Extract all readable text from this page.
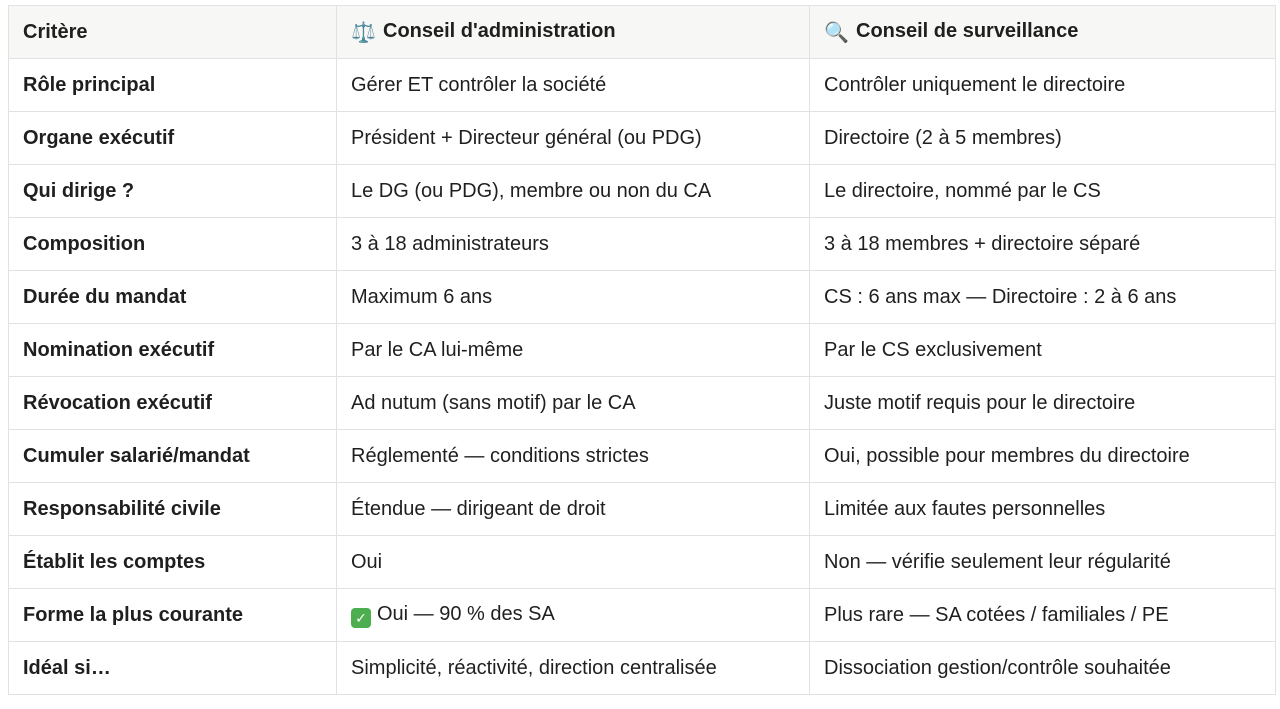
Critère	⚖️ Conseil d'administration	🔍 Conseil de surveillance
Rôle principal	Gérer ET contrôler la société	Contrôler uniquement le directoire
Organe exécutif	Président + Directeur général (ou PDG)	Directoire (2 à 5 membres)
Qui dirige ?	Le DG (ou PDG), membre ou non du CA	Le directoire, nommé par le CS
Composition	3 à 18 administrateurs	3 à 18 membres + directoire séparé
Durée du mandat	Maximum 6 ans	CS : 6 ans max — Directoire : 2 à 6 ans
Nomination exécutif	Par le CA lui-même	Par le CS exclusivement
Révocation exécutif	Ad nutum (sans motif) par le CA	Juste motif requis pour le directoire
Cumuler salarié/mandat	Réglementé — conditions strictes	Oui, possible pour membres du directoire
Responsabilité civile	Étendue — dirigeant de droit	Limitée aux fautes personnelles
Établit les comptes	Oui	Non — vérifie seulement leur régularité
Forme la plus courante	✓ Oui — 90 % des SA	Plus rare — SA cotées / familiales / PE
Idéal si…	Simplicité, réactivité, direction centralisée	Dissociation gestion/contrôle souhaitée
